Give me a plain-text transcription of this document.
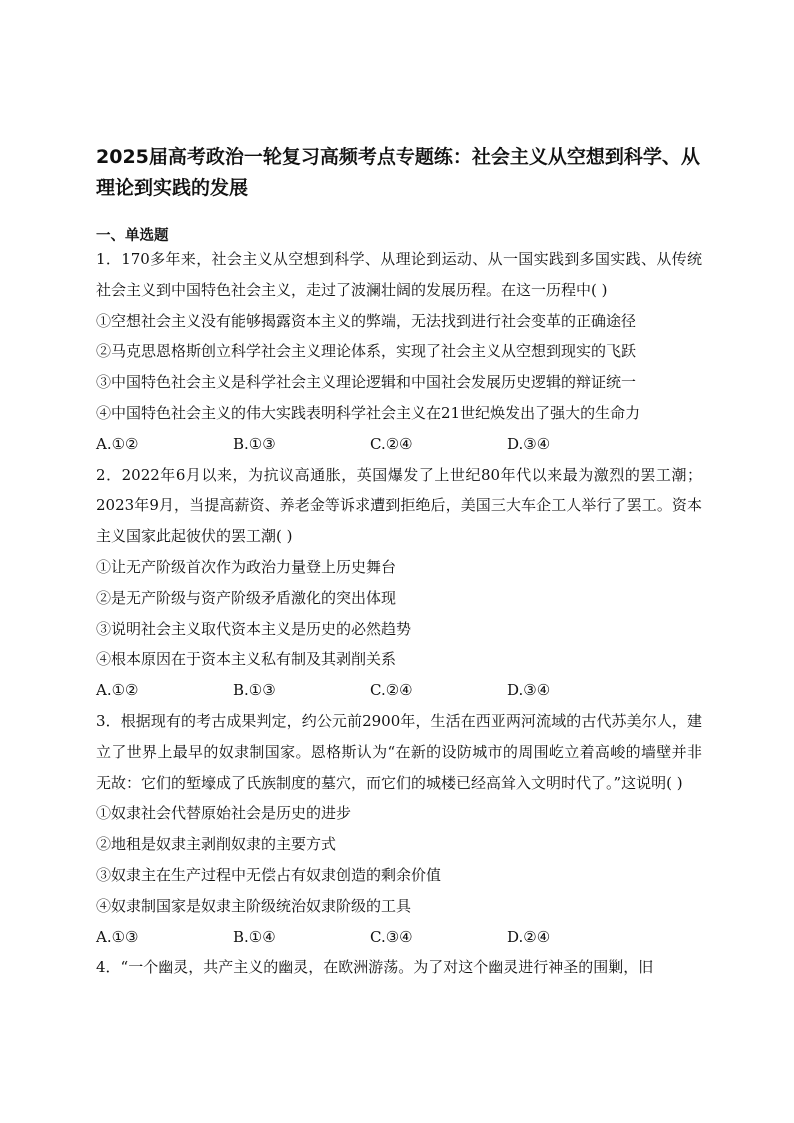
2025届高考政治一轮复习高频考点专题练：社会主义从空想到科学、从理论到实践的发展
一、单选题

1．170多年来，社会主义从空想到科学、从理论到运动、从一国实践到多国实践、从传统社会主义到中国特色社会主义，走过了波澜壮阔的发展历程。在这一历程中( )

①空想社会主义没有能够揭露资本主义的弊端，无法找到进行社会变革的正确途径

②马克思恩格斯创立科学社会主义理论体系，实现了社会主义从空想到现实的飞跃

③中国特色社会主义是科学社会主义理论逻辑和中国社会发展历史逻辑的辩证统一

④中国特色社会主义的伟大实践表明科学社会主义在21世纪焕发出了强大的生命力

A.①②	B.①③	C.②④	D.③④

2．2022年6月以来，为抗议高通胀，英国爆发了上世纪80年代以来最为激烈的罢工潮；2023年9月，当提高薪资、养老金等诉求遭到拒绝后，美国三大车企工人举行了罢工。资本主义国家此起彼伏的罢工潮( )

①让无产阶级首次作为政治力量登上历史舞台

②是无产阶级与资产阶级矛盾激化的突出体现

③说明社会主义取代资本主义是历史的必然趋势

④根本原因在于资本主义私有制及其剥削关系

A.①②	B.①③	C.②④	D.③④

3．根据现有的考古成果判定，约公元前2900年，生活在西亚两河流域的古代苏美尔人，建立了世界上最早的奴隶制国家。恩格斯认为“在新的设防城市的周围屹立着高峻的墙壁并非无故：它们的堑壕成了氏族制度的墓穴，而它们的城楼已经高耸入文明时代了。”这说明( )

①奴隶社会代替原始社会是历史的进步

②地租是奴隶主剥削奴隶的主要方式

③奴隶主在生产过程中无偿占有奴隶创造的剩余价值

④奴隶制国家是奴隶主阶级统治奴隶阶级的工具

A.①③	B.①④	C.③④	D.②④

4．“一个幽灵，共产主义的幽灵，在欧洲游荡。为了对这个幽灵进行神圣的围剿，旧
